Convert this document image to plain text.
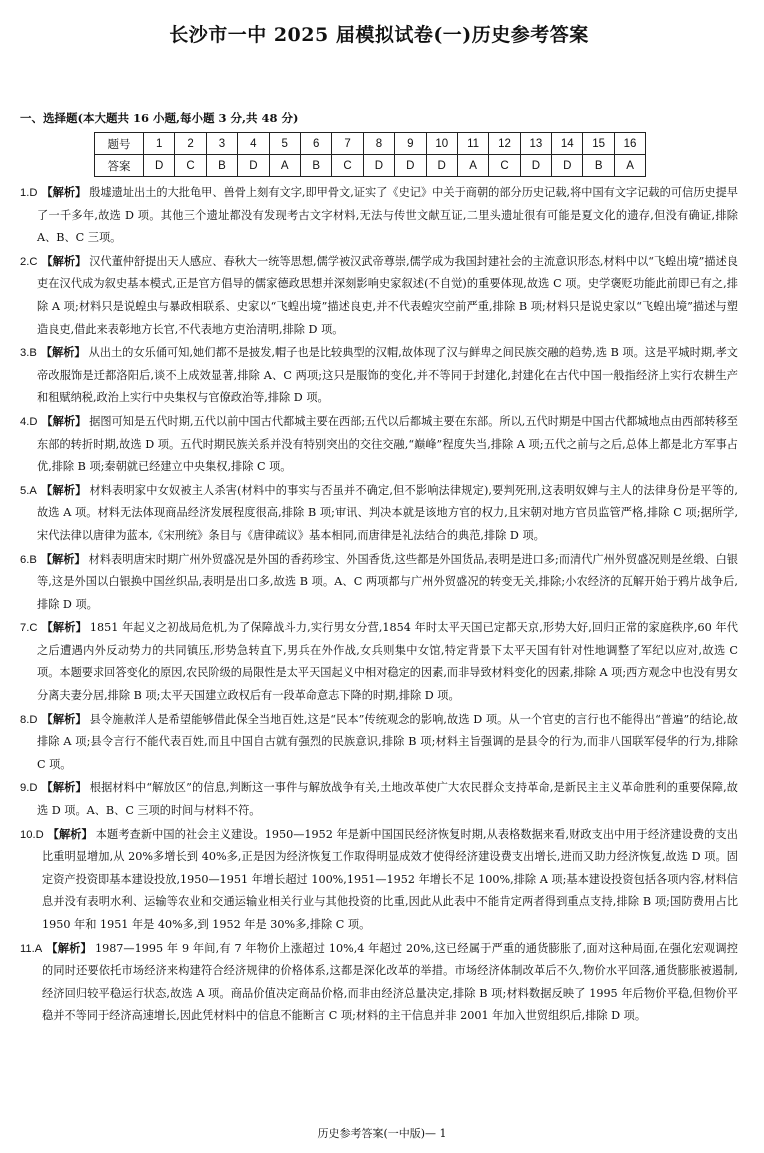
长沙市一中 2025 届模拟试卷(一)历史参考答案
一、选择题(本大题共 16 小题,每小题 3 分,共 48 分)
题号	1	2	3	4	5	6	7	8	9	10	11	12	13	14	15	16
答案	D	C	B	D	A	B	C	D	D	D	A	C	D	D	B	A
1.D 【解析】 殷墟遗址出土的大批龟甲、兽骨上刻有文字,即甲骨文,证实了《史记》中关于商朝的部分历史记载,将中国有文字记载的可信历史提早了一千多年,故选 D 项。其他三个遗址都没有发现考古文字材料,无法与传世文献互证,二里头遗址很有可能是夏文化的遗存,但没有确证,排除 A、B、C 三项。
2.C 【解析】 汉代董仲舒提出天人感应、春秋大一统等思想,儒学被汉武帝尊崇,儒学成为我国封建社会的主流意识形态,材料中以“飞蝗出境”描述良吏在汉代成为叙史基本模式,正是官方倡导的儒家德政思想并深刻影响史家叙述(不自觉)的重要体现,故选 C 项。史学褒贬功能此前即已有之,排除 A 项;材料只是说蝗虫与暴政相联系、史家以“飞蝗出境”描述良吏,并不代表蝗灾空前严重,排除 B 项;材料只是说史家以“飞蝗出境”描述与塑造良吏,借此来表彰地方长官,不代表地方吏治清明,排除 D 项。
3.B 【解析】 从出土的女乐俑可知,她们都不是披发,帽子也是比较典型的汉帽,故体现了汉与鲜卑之间民族交融的趋势,选 B 项。这是平城时期,孝文帝改服饰是迁都洛阳后,谈不上成效显著,排除 A、C 两项;这只是服饰的变化,并不等同于封建化,封建化在古代中国一般指经济上实行农耕生产和租赋纳税,政治上实行中央集权与官僚政治等,排除 D 项。
4.D 【解析】 据图可知是五代时期,五代以前中国古代都城主要在西部;五代以后都城主要在东部。所以,五代时期是中国古代都城地点由西部转移至东部的转折时期,故选 D 项。五代时期民族关系并没有特别突出的交往交融,“巅峰”程度失当,排除 A 项;五代之前与之后,总体上都是北方军事占优,排除 B 项;秦朝就已经建立中央集权,排除 C 项。
5.A 【解析】 材料表明家中女奴被主人杀害(材料中的事实与否虽并不确定,但不影响法律规定),要判死刑,这表明奴婢与主人的法律身份是平等的,故选 A 项。材料无法体现商品经济发展程度很高,排除 B 项;审讯、判决本就是该地方官的权力,且宋朝对地方官员监管严格,排除 C 项;据所学,宋代法律以唐律为蓝本,《宋刑统》条目与《唐律疏议》基本相同,而唐律是礼法结合的典范,排除 D 项。
6.B 【解析】 材料表明唐宋时期广州外贸盛况是外国的香药珍宝、外国香货,这些都是外国货品,表明是进口多;而清代广州外贸盛况则是丝缎、白银等,这是外国以白银换中国丝织品,表明是出口多,故选 B 项。A、C 两项都与广州外贸盛况的转变无关,排除;小农经济的瓦解开始于鸦片战争后,排除 D 项。
7.C 【解析】 1851 年起义之初战局危机,为了保障战斗力,实行男女分营,1854 年时太平天国已定都天京,形势大好,回归正常的家庭秩序,60 年代之后遭遇内外反动势力的共同镇压,形势急转直下,男兵在外作战,女兵则集中女馆,特定背景下太平天国有针对性地调整了军纪以应对,故选 C 项。本题要求回答变化的原因,农民阶级的局限性是太平天国起义中相对稳定的因素,而非导致材料变化的因素,排除 A 项;西方观念中也没有男女分离夫妻分居,排除 B 项;太平天国建立政权后有一段革命意志下降的时期,排除 D 项。
8.D 【解析】 县令施赦洋人是希望能够借此保全当地百姓,这是“民本”传统观念的影响,故选 D 项。从一个官吏的言行也不能得出“普遍”的结论,故排除 A 项;县令言行不能代表百姓,而且中国自古就有强烈的民族意识,排除 B 项;材料主旨强调的是县令的行为,而非八国联军侵华的行为,排除 C 项。
9.D 【解析】 根据材料中“解放区”的信息,判断这一事件与解放战争有关,土地改革使广大农民群众支持革命,是新民主主义革命胜利的重要保障,故选 D 项。A、B、C 三项的时间与材料不符。
10.D 【解析】 本题考查新中国的社会主义建设。1950—1952 年是新中国国民经济恢复时期,从表格数据来看,财政支出中用于经济建设费的支出比重明显增加,从 20%多增长到 40%多,正是因为经济恢复工作取得明显成效才使得经济建设费支出增长,进而又助力经济恢复,故选 D 项。固定资产投资即基本建设投放,1950—1951 年增长超过 100%,1951—1952 年增长不足 100%,排除 A 项;基本建设投资包括各项内容,材料信息并没有表明水利、运输等农业和交通运输业相关行业与其他投资的比重,因此从此表中不能肯定两者得到重点支持,排除 B 项;国防费用占比 1950 年和 1951 年是 40%多,到 1952 年是 30%多,排除 C 项。
11.A 【解析】 1987—1995 年 9 年间,有 7 年物价上涨超过 10%,4 年超过 20%,这已经属于严重的通货膨胀了,面对这种局面,在强化宏观调控的同时还要依托市场经济来构建符合经济规律的价格体系,这都是深化改革的举措。市场经济体制改革后不久,物价水平回落,通货膨胀被遏制,经济回归较平稳运行状态,故选 A 项。商品价值决定商品价格,而非由经济总量决定,排除 B 项;材料数据反映了 1995 年后物价平稳,但物价平稳并不等同于经济高速增长,因此凭材料中的信息不能断言 C 项;材料的主干信息并非 2001 年加入世贸组织后,排除 D 项。
历史参考答案(一中版)— 1
